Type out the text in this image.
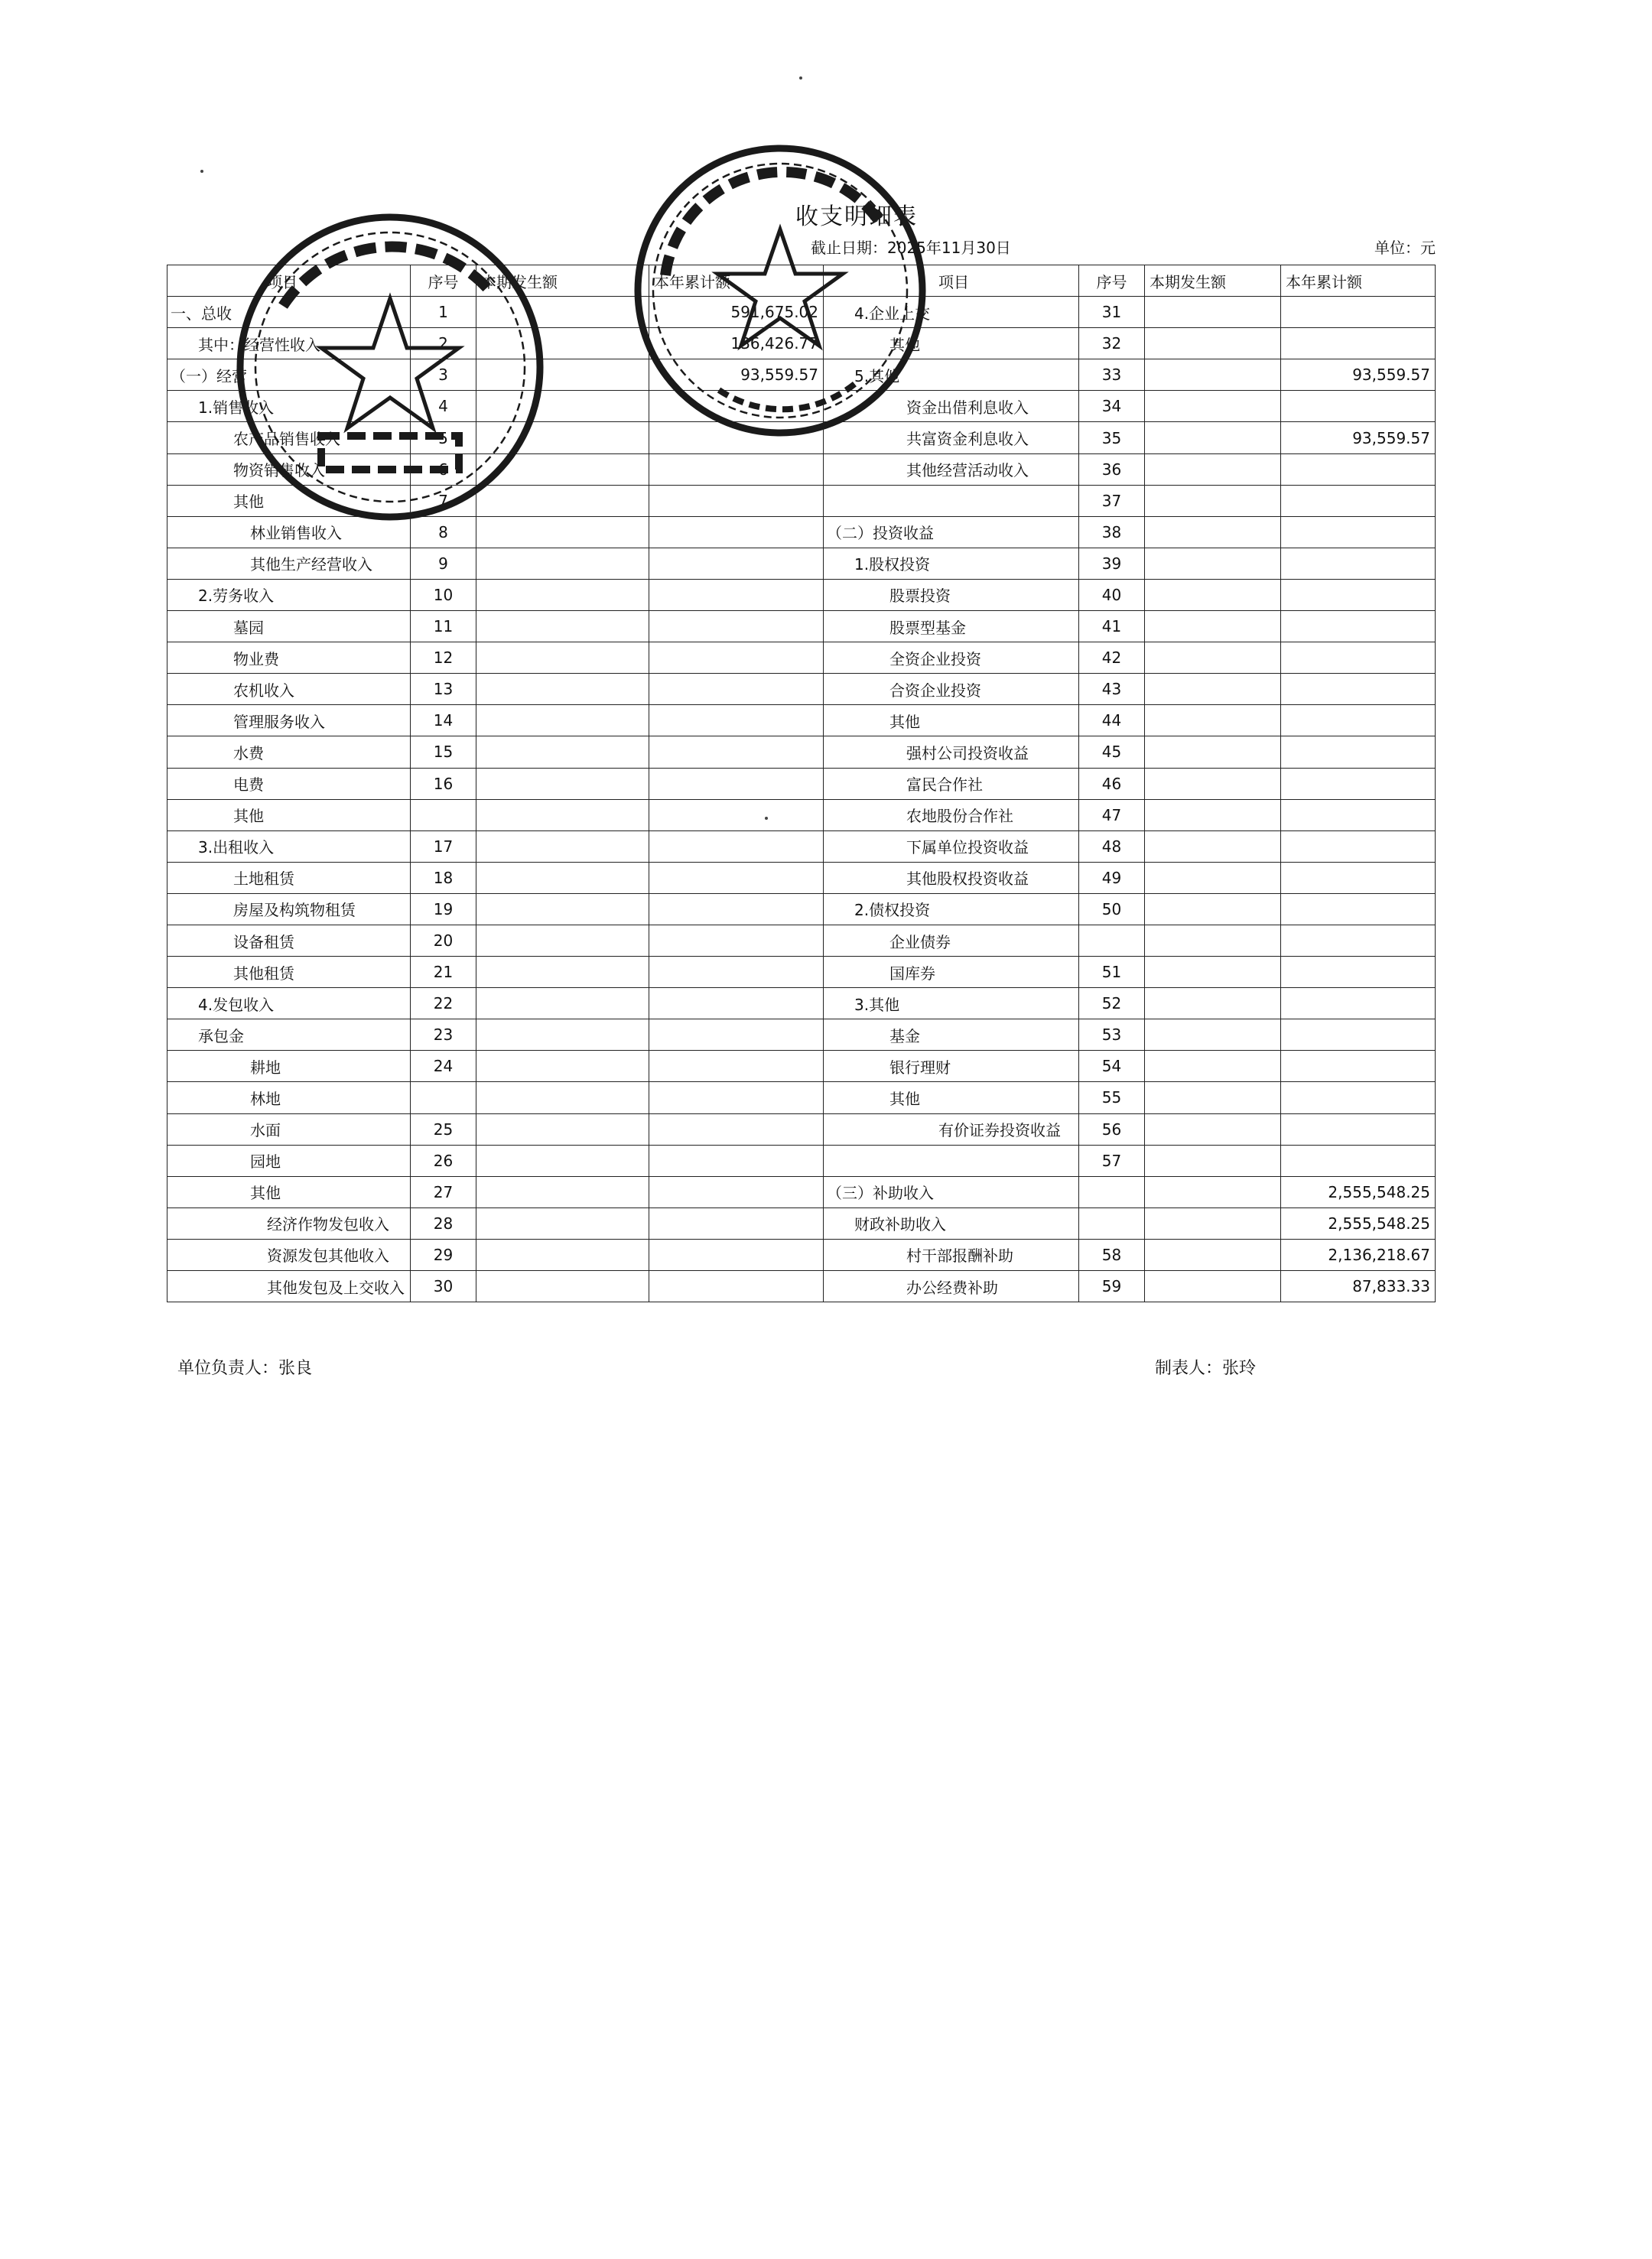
收支明细表
截止日期：2025年11月30日	单位：元
项目	序号	本期发生额	本年累计额
一、总收	1		591,675.02
其中：经营性收入	2		136,426.77
（一）经营	3		93,559.57
1.销售收入	4		
农产品销售收入	5		
物资销售收入	6		
其他	7		
林业销售收入	8		
其他生产经营收入	9		
2.劳务收入	10		
墓园	11		
物业费	12		
农机收入	13		
管理服务收入	14		
水费	15		
电费	16		
其他			
3.出租收入	17		
土地租赁	18		
房屋及构筑物租赁	19		
设备租赁	20		
其他租赁	21		
4.发包收入	22		
承包金	23		
耕地	24		
林地			
水面	25		
园地	26		
其他	27		
经济作物发包收入	28		
资源发包其他收入	29		
其他发包及上交收入	30		
项目	序号	本期发生额	本年累计额
4.企业上交	31		
其他	32		
5.其他	33		93,559.57
资金出借利息收入	34		
共富资金利息收入	35		93,559.57
其他经营活动收入	36		
	37		
（二）投资收益	38		
1.股权投资	39		
股票投资	40		
股票型基金	41		
全资企业投资	42		
合资企业投资	43		
其他	44		
强村公司投资收益	45		
富民合作社	46		
农地股份合作社	47		
下属单位投资收益	48		
其他股权投资收益	49		
2.债权投资	50		
企业债券			
国库券	51		
3.其他	52		
基金	53		
银行理财	54		
其他	55		
有价证券投资收益	56		
	57		
（三）补助收入			2,555,548.25
财政补助收入			2,555,548.25
村干部报酬补助	58		2,136,218.67
办公经费补助	59		87,833.33
单位负责人：张良	制表人：张玲
